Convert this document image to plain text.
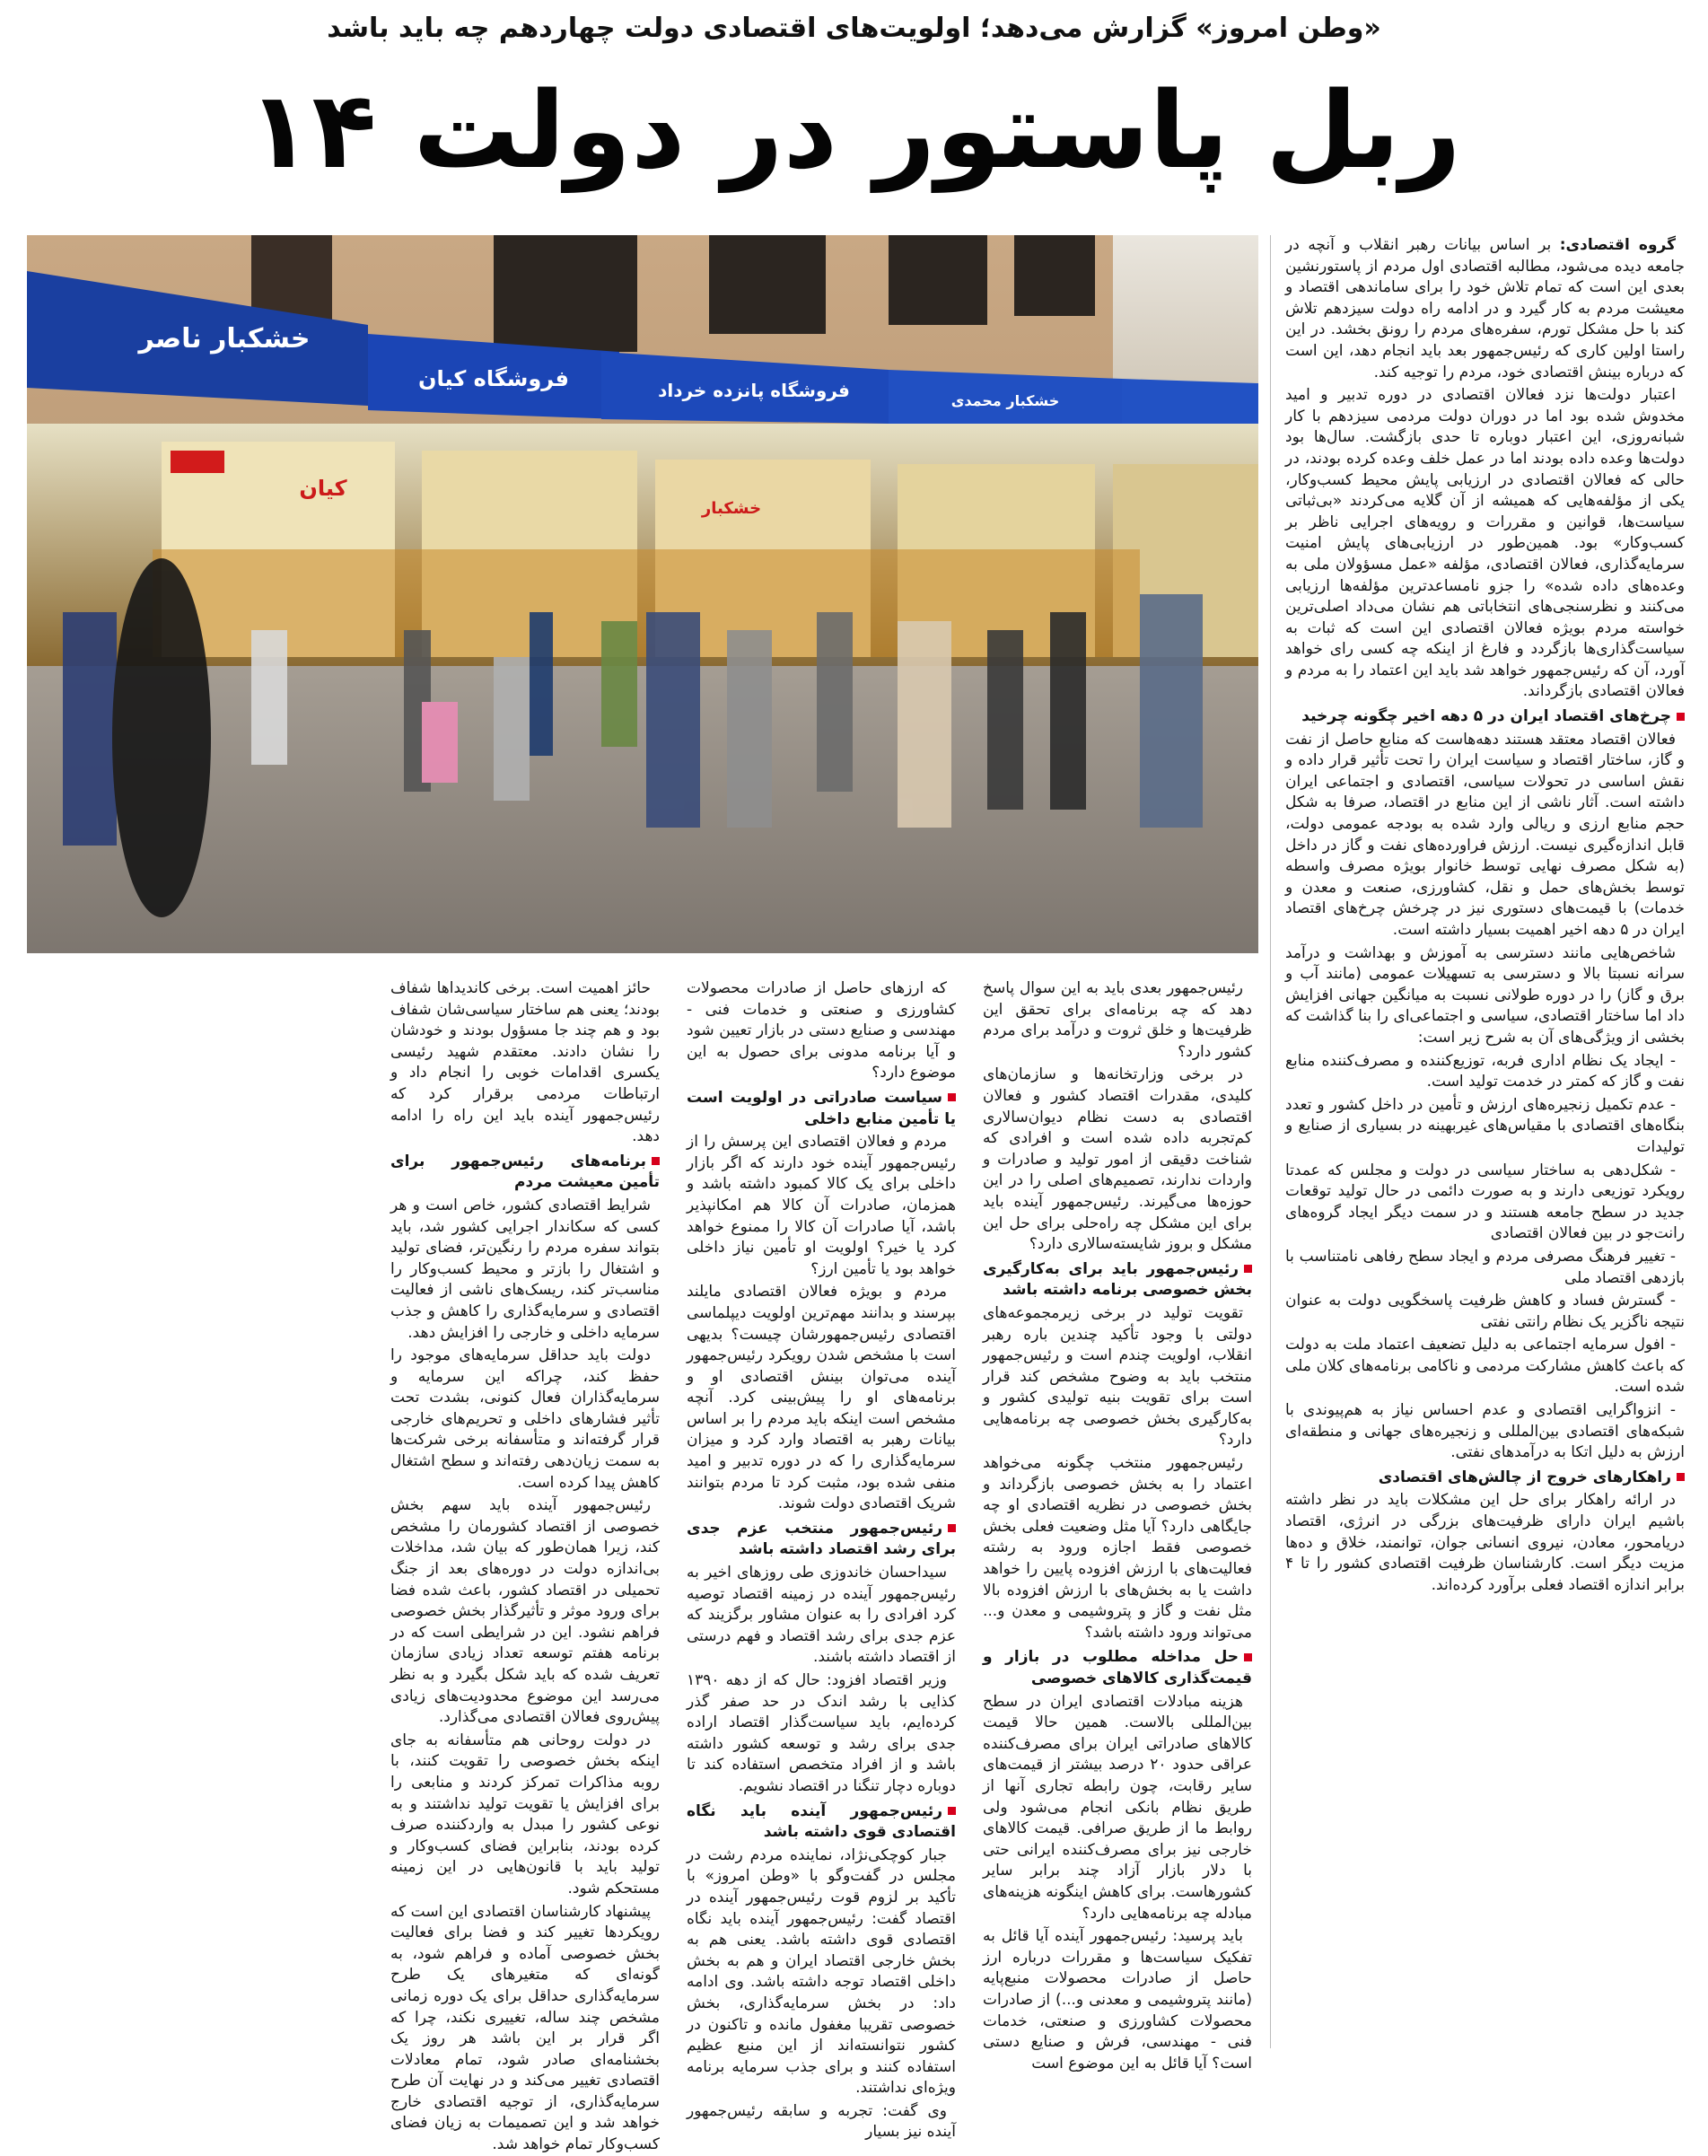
«وطن امروز» گزارش می‌دهد؛ اولویت‌های اقتصادی دولت چهاردهم چه باید باشد
ربل پاستور در دولت ۱۴
خشکبار ناصر
فروشگاه کیان	فروشگاه پانزده خرداد	خشکبار محمدی
کیان
خشکبار

گروه اقتصادی: بر اساس بیانات رهبر انقلاب و آنچه در جامعه دیده می‌شود، مطالبه اقتصادی اول مردم از پاستورنشین بعدی این است که تمام تلاش خود را برای ساماندهی اقتصاد و معیشت مردم به کار گیرد و در ادامه راه دولت سیزدهم تلاش کند با حل مشکل تورم، سفره‌های مردم را رونق بخشد. در این راستا اولین کاری که رئیس‌جمهور بعد باید انجام دهد، این است که درباره بینش اقتصادی خود، مردم را توجیه کند.

اعتبار دولت‌ها نزد فعالان اقتصادی در دوره تدبیر و امید مخدوش شده بود اما در دوران دولت مردمی سیزدهم با کار شبانه‌روزی، این اعتبار دوباره تا حدی بازگشت. سال‌ها بود دولت‌ها وعده داده بودند اما در عمل خلف وعده کرده بودند، در حالی که فعالان اقتصادی در ارزیابی پایش محیط کسب‌وکار، یکی از مؤلفه‌هایی که همیشه از آن گلایه می‌کردند «بی‌ثباتی سیاست‌ها، قوانین و مقررات و رویه‌های اجرایی ناظر بر کسب‌وکار» بود. همین‌طور در ارزیابی‌های پایش امنیت سرمایه‌گذاری، فعالان اقتصادی، مؤلفه «عمل مسؤولان ملی به وعده‌های داده شده» را جزو نامساعدترین مؤلفه‌ها ارزیابی می‌کنند و نظرسنجی‌های انتخاباتی هم نشان می‌داد اصلی‌ترین خواسته مردم بویژه فعالان اقتصادی این است که ثبات به سیاست‌گذاری‌ها بازگردد و فارغ از اینکه چه کسی رای خواهد آورد، آن که رئیس‌جمهور خواهد شد باید این اعتماد را به مردم و فعالان اقتصادی بازگرداند.

چرخ‌های اقتصاد ایران در ۵ دهه اخیر چگونه چرخید

فعالان اقتصاد معتقد هستند دهه‌هاست که منابع حاصل از نفت و گاز، ساختار اقتصاد و سیاست ایران را تحت تأثیر قرار داده و نقش اساسی در تحولات سیاسی، اقتصادی و اجتماعی ایران داشته است. آثار ناشی از این منابع در اقتصاد، صرفا به شکل حجم منابع ارزی و ریالی وارد شده به بودجه عمومی دولت، قابل اندازه‌گیری نیست. ارزش فراورده‌های نفت و گاز در داخل (به شکل مصرف نهایی توسط خانوار بویژه مصرف واسطه توسط بخش‌های حمل و نقل، کشاورزی، صنعت و معدن و خدمات) با قیمت‌های دستوری نیز در چرخش چرخ‌های اقتصاد ایران در ۵ دهه اخیر اهمیت بسیار داشته است.

شاخص‌هایی مانند دسترسی به آموزش و بهداشت و درآمد سرانه نسبتا بالا و دسترسی به تسهیلات عمومی (مانند آب و برق و گاز) را در دوره طولانی نسبت به میانگین جهانی افزایش داد اما ساختار اقتصادی، سیاسی و اجتماعی‌ای را بنا گذاشت که بخشی از ویژگی‌های آن به شرح زیر است:

- ایجاد یک نظام اداری فربه، توزیع‌کننده و مصرف‌کننده منابع نفت و گاز که کمتر در خدمت تولید است.

- عدم تکمیل زنجیره‌های ارزش و تأمین در داخل کشور و تعدد بنگاه‌های اقتصادی با مقیاس‌های غیربهینه در بسیاری از صنایع و تولیدات

- شکل‌دهی به ساختار سیاسی در دولت و مجلس که عمدتا رویکرد توزیعی دارند و به صورت دائمی در حال تولید توقعات جدید در سطح جامعه هستند و در سمت دیگر ایجاد گروه‌های رانت‌جو در بین فعالان اقتصادی

- تغییر فرهنگ مصرفی مردم و ایجاد سطح رفاهی نامتناسب با بازدهی اقتصاد ملی

- گسترش فساد و کاهش ظرفیت پاسخگویی دولت به عنوان نتیجه ناگزیر یک نظام رانتی نفتی

- افول سرمایه اجتماعی به دلیل تضعیف اعتماد ملت به دولت که باعث کاهش مشارکت مردمی و ناکامی برنامه‌های کلان ملی شده است.

- انزواگرایی اقتصادی و عدم احساس نیاز به هم‌پیوندی با شبکه‌های اقتصادی بین‌المللی و زنجیره‌های جهانی و منطقه‌ای ارزش به دلیل اتکا به درآمدهای نفتی.

راهکارهای خروج از چالش‌های اقتصادی

در ارائه راهکار برای حل این مشکلات باید در نظر داشته باشیم ایران دارای ظرفیت‌های بزرگی در انرژی، اقتصاد دریامحور، معادن، نیروی انسانی جوان، توانمند، خلاق و ده‌ها مزیت دیگر است. کارشناسان ظرفیت اقتصادی کشور را تا ۴ برابر اندازه اقتصاد فعلی برآورد کرده‌اند.

رئیس‌جمهور بعدی باید به این سوال پاسخ دهد که چه برنامه‌ای برای تحقق این ظرفیت‌ها و خلق ثروت و درآمد برای مردم کشور دارد؟

در برخی وزارتخانه‌ها و سازمان‌های کلیدی، مقدرات اقتصاد کشور و فعالان اقتصادی به دست نظام دیوان‌سالاری کم‌تجربه داده شده است و افرادی که شناخت دقیقی از امور تولید و صادرات و واردات ندارند، تصمیم‌های اصلی را در این حوزه‌ها می‌گیرند. رئیس‌جمهور آینده باید برای این مشکل چه راه‌حلی برای حل این مشکل و بروز شایسته‌سالاری دارد؟

رئیس‌جمهور باید برای به‌کارگیری بخش خصوصی برنامه داشته باشد

تقویت تولید در برخی زیرمجموعه‌های دولتی با وجود تأکید چندین باره رهبر انقلاب، اولویت چندم است و رئیس‌جمهور منتخب باید به وضوح مشخص کند قرار است برای تقویت بنیه تولیدی کشور و به‌کارگیری بخش خصوصی چه برنامه‌هایی دارد؟

رئیس‌جمهور منتخب چگونه می‌خواهد اعتماد را به بخش خصوصی بازگرداند و بخش خصوصی در نظریه اقتصادی او چه جایگاهی دارد؟ آیا مثل وضعیت فعلی بخش خصوصی فقط اجازه ورود به رشته فعالیت‌های با ارزش افزوده پایین را خواهد داشت یا به بخش‌های با ارزش افزوده بالا مثل نفت و گاز و پتروشیمی و معدن و... می‌تواند ورود داشته باشد؟

حل مداخله مطلوب در بازار و قیمت‌گذاری کالاهای خصوصی

هزینه مبادلات اقتصادی ایران در سطح بین‌المللی بالاست. همین حالا قیمت کالاهای صادراتی ایران برای مصرف‌کننده عراقی حدود ۲۰ درصد بیشتر از قیمت‌های سایر رقابت، چون رابطه تجاری آنها از طریق نظام بانکی انجام می‌شود ولی روابط ما از طریق صرافی. قیمت کالاهای خارجی نیز برای مصرف‌کننده ایرانی حتی با دلار بازار آزاد چند برابر سایر کشورهاست. برای کاهش اینگونه هزینه‌های مبادله چه برنامه‌هایی دارد؟

باید پرسید: رئیس‌جمهور آینده آیا قائل به تفکیک سیاست‌ها و مقررات درباره ارز حاصل از صادرات محصولات منبع‌پایه (مانند پتروشیمی و معدنی و...) از صادرات محصولات کشاورزی و صنعتی، خدمات فنی - مهندسی، فرش و صنایع دستی است؟ آیا قائل به این موضوع است

که ارزهای حاصل از صادرات محصولات کشاورزی و صنعتی و خدمات فنی - مهندسی و صنایع دستی در بازار تعیین شود و آیا برنامه مدونی برای حصول به این موضوع دارد؟

سیاست صادراتی در اولویت است یا تأمین منابع داخلی

مردم و فعالان اقتصادی این پرسش را از رئیس‌جمهور آینده خود دارند که اگر بازار داخلی برای یک کالا کمبود داشته باشد و همزمان، صادرات آن کالا هم امکانپذیر باشد، آیا صادرات آن کالا را ممنوع خواهد کرد یا خیر؟ اولویت او تأمین نیاز داخلی خواهد بود یا تأمین ارز؟

مردم و بویژه فعالان اقتصادی مایلند بپرسند و بدانند مهم‌ترین اولویت دیپلماسی اقتصادی رئیس‌جمهورشان چیست؟ بدیهی است با مشخص شدن رویکرد رئیس‌جمهور آینده می‌توان بینش اقتصادی او و برنامه‌های او را پیش‌بینی کرد. آنچه مشخص است اینکه باید مردم را بر اساس بیانات رهبر به اقتصاد وارد کرد و میزان سرمایه‌گذاری را که در دوره تدبیر و امید منفی شده بود، مثبت کرد تا مردم بتوانند شریک اقتصادی دولت شوند.

رئیس‌جمهور منتخب عزم جدی برای رشد اقتصاد داشته باشد

سیداحسان خاندوزی طی روزهای اخیر به رئیس‌جمهور آینده در زمینه اقتصاد توصیه کرد افرادی را به عنوان مشاور برگزیند که عزم جدی برای رشد اقتصاد و فهم درستی از اقتصاد داشته باشند.

وزیر اقتصاد افزود: حال که از دهه ۱۳۹۰ کذایی با رشد اندک در حد صفر گذر کرده‌ایم، باید سیاست‌گذار اقتصاد اراده جدی برای رشد و توسعه کشور داشته باشد و از افراد متخصص استفاده کند تا دوباره دچار تنگنا در اقتصاد نشویم.

رئیس‌جمهور آینده باید نگاه اقتصادی قوی داشته باشد

جبار کوچکی‌نژاد، نماینده مردم رشت در مجلس در گفت‌وگو با «وطن امروز» با تأکید بر لزوم قوت رئیس‌جمهور آینده در اقتصاد گفت: رئیس‌جمهور آینده باید نگاه اقتصادی قوی داشته باشد. یعنی هم به بخش خارجی اقتصاد ایران و هم به بخش داخلی اقتصاد توجه داشته باشد. وی ادامه داد: در بخش سرمایه‌گذاری، بخش خصوصی تقریبا مغفول مانده و تاکنون در کشور نتوانسته‌اند از این منبع عظیم استفاده کنند و برای جذب سرمایه برنامه ویژه‌ای نداشتند.

وی گفت: تجربه و سابقه رئیس‌جمهور آینده نیز بسیار

حائز اهمیت است. برخی کاندیداها شفاف بودند؛ یعنی هم ساختار سیاسی‌شان شفاف بود و هم چند جا مسؤول بودند و خودشان را نشان دادند. معتقدم شهید رئیسی یکسری اقدامات خوبی را انجام داد و ارتباطات مردمی برقرار کرد که رئیس‌جمهور آینده باید این راه را ادامه دهد.

برنامه‌های رئیس‌جمهور برای تأمین معیشت مردم

شرایط اقتصادی کشور، خاص است و هر کسی که سکاندار اجرایی کشور شد، باید بتواند سفره مردم را رنگین‌تر، فضای تولید و اشتغال را بازتر و محیط کسب‌وکار را مناسب‌تر کند، ریسک‌های ناشی از فعالیت اقتصادی و سرمایه‌گذاری را کاهش و جذب سرمایه داخلی و خارجی را افزایش دهد.

دولت باید حداقل سرمایه‌های موجود را حفظ کند، چراکه این سرمایه و سرمایه‌گذاران فعال کنونی، بشدت تحت تأثیر فشارهای داخلی و تحریم‌های خارجی قرار گرفته‌اند و متأسفانه برخی شرکت‌ها به سمت زیان‌دهی رفته‌اند و سطح اشتغال کاهش پیدا کرده است.

رئیس‌جمهور آینده باید سهم بخش خصوصی از اقتصاد کشورمان را مشخص کند، زیرا همان‌طور که بیان شد، مداخلات بی‌اندازه دولت در دوره‌های بعد از جنگ تحمیلی در اقتصاد کشور، باعث شده فضا برای ورود موثر و تأثیرگذار بخش خصوصی فراهم نشود. این در شرایطی است که در برنامه هفتم توسعه تعداد زیادی سازمان تعریف شده که باید شکل بگیرد و به نظر می‌رسد این موضوع محدودیت‌های زیادی پیش‌روی فعالان اقتصادی می‌گذارد.

در دولت روحانی هم متأسفانه به جای اینکه بخش خصوصی را تقویت کنند، با روبه مذاکرات تمرکز کردند و منابعی را برای افزایش یا تقویت تولید نداشتند و به نوعی کشور را مبدل به واردکننده صرف کرده بودند، بنابراین فضای کسب‌وکار و تولید باید با قانون‌هایی در این زمینه مستحکم شود.

پیشنهاد کارشناسان اقتصادی این است که رویکردها تغییر کند و فضا برای فعالیت بخش خصوصی آماده و فراهم شود، به گونه‌ای که متغیرهای یک طرح سرمایه‌گذاری حداقل برای یک دوره زمانی مشخص چند ساله، تغییری نکند، چرا که اگر قرار بر این باشد هر روز یک بخشنامه‌ای صادر شود، تمام معادلات اقتصادی تغییر می‌کند و در نهایت آن طرح سرمایه‌گذاری، از توجیه اقتصادی خارج خواهد شد و این تصمیمات به زیان فضای کسب‌وکار تمام خواهد شد.
